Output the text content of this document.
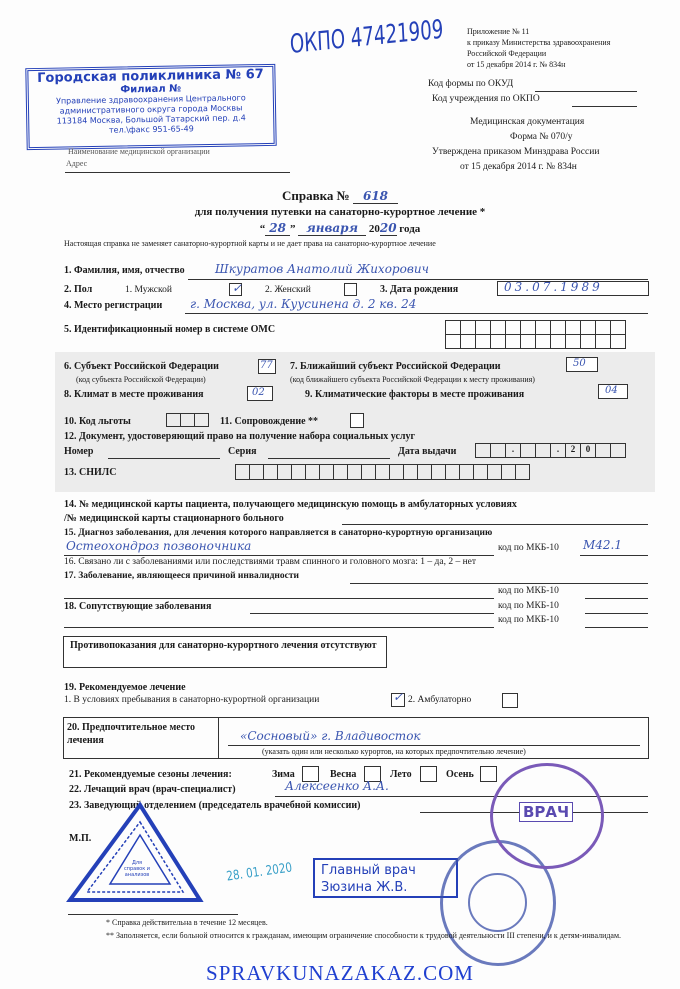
Приложение № 11
к приказу Министерства здравоохранения
Российской Федерации
от 15 декабря 2014 г. № 834н
Городская поликлиника № 67
Филиал №
Управление здравоохранения Центрального
административного округа города Москвы
113184 Москва, Большой Татарский пер. д.4
тел.\факс 951-65-49
Наименование медицинской организации
Адрес
Код формы по ОКУД
Код учреждения по ОКПО
ОКПО 47421909
Медицинская документация
Форма № 070/у
Утверждена приказом Минздрава России
от 15 декабря 2014 г. № 834н
Справка № 618
для получения путевки на санаторно-курортное лечение *
“ 28 ” января 2020 года
Настоящая справка не заменяет санаторно-курортной карты и не дает права на санаторно-курортное лечение
1. Фамилия, имя, отчество	Шкуратов Анатолий Жихорович
2. Пол	1. Мужской	✓ 2. Женский	3. Дата рождения	03.07.1989
4. Место регистрации г. Москва, ул. Куусинена д. 2 кв. 24
5. Идентификационный номер в системе ОМС
6. Субъект Российской Федерации	77 7. Ближайший субъект Российской Федерации	50
(код субъекта Российской Федерации)	(код ближайшего субъекта Российской Федерации к месту проживания)
8. Климат в месте проживания	02	9. Климатические факторы в месте проживания	04
10. Код льготы	11. Сопровождение **
12. Документ, удостоверяющий право на получение набора социальных услуг
Номер	Серия	Дата выдачи	.	.	2	0
13. СНИЛС
14. № медицинской карты пациента, получающего медицинскую помощь в амбулаторных условиях
/№ медицинской карты стационарного больного
15. Диагноз заболевания, для лечения которого направляется в санаторно-курортную организацию
Остеохондроз позвоночника	код по МКБ-10 M42.1
16. Связано ли с заболеваниями или последствиями травм спинного и головного мозга: 1 – да, 2 – нет
17. Заболевание, являющееся причиной инвалидности
код по МКБ-10
18. Сопутствующие заболевания	код по МКБ-10
код по МКБ-10
Противопоказания для санаторно-курортного лечения отсутствуют
19. Рекомендуемое лечение
1. В условиях пребывания в санаторно-курортной организации	✓ 2. Амбулаторно
20. Предпочтительное место лечения	«Сосновый» г. Владивосток
(указать один или несколько курортов, на которых предпочтительно лечение)
21. Рекомендуемые сезоны лечения:	Зима	Весна	Лето	Осень
22. Лечащий врач (врач-специалист)	Алексеенко А.А.
23. Заведующий отделением (председатель врачебной комиссии)
М.П.
Для справок и анализов	28. 01. 2020 Главный врач
Зюзина Ж.В.
ВРАЧ
* Справка действительна в течение 12 месяцев.
** Заполняется, если больной относится к гражданам, имеющим ограничение способности к трудовой деятельности III степени, и к детям-инвалидам.
SPRAVKUNAZAKAZ.COM
